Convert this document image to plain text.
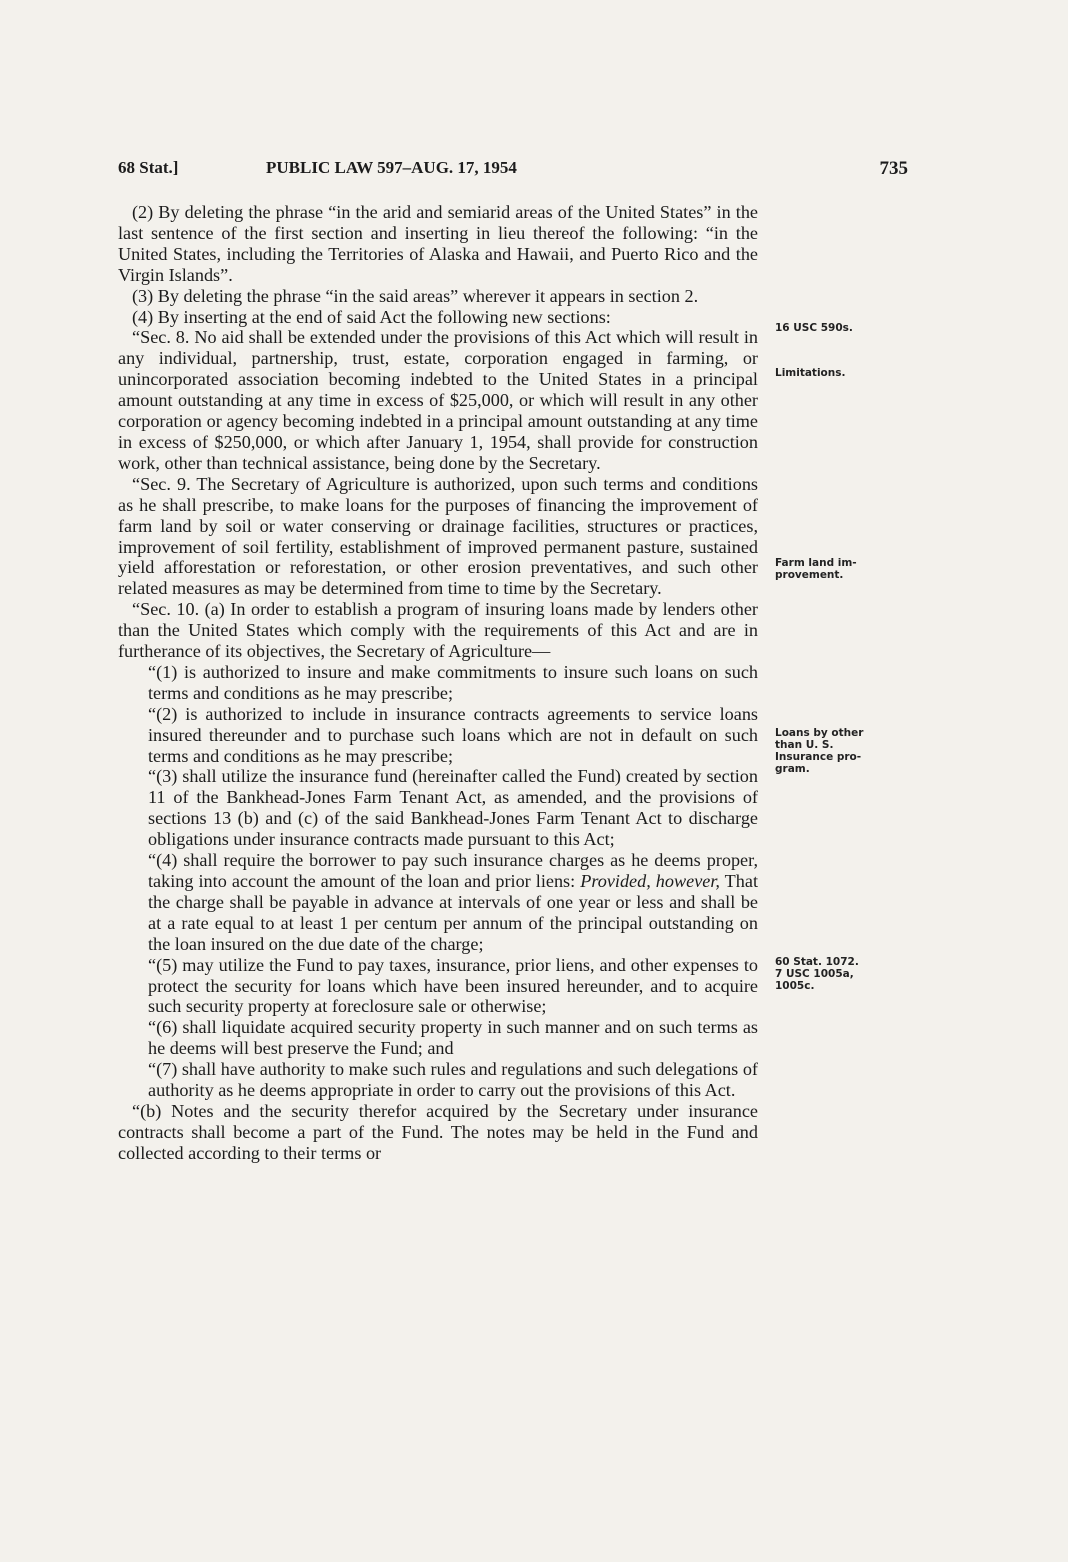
68 Stat.]	PUBLIC LAW 597–AUG. 17, 1954	735

(2) By deleting the phrase “in the arid and semiarid areas of the United States” in the last sentence of the first section and inserting in lieu thereof the following: “in the United States, including the Territories of Alaska and Hawaii, and Puerto Rico and the Virgin Islands”.

(3) By deleting the phrase “in the said areas” wherever it appears in section 2.

(4) By inserting at the end of said Act the following new sections:

“Sec. 8. No aid shall be extended under the provisions of this Act which will result in any individual, partnership, trust, estate, corporation engaged in farming, or unincorporated association becoming indebted to the United States in a principal amount outstanding at any time in excess of $25,000, or which will result in any other corporation or agency becoming indebted in a principal amount outstanding at any time in excess of $250,000, or which after January 1, 1954, shall provide for construction work, other than technical assistance, being done by the Secretary.

“Sec. 9. The Secretary of Agriculture is authorized, upon such terms and conditions as he shall prescribe, to make loans for the purposes of financing the improvement of farm land by soil or water conserving or drainage facilities, structures or practices, improvement of soil fertility, establishment of improved permanent pasture, sustained yield afforestation or reforestation, or other erosion preventatives, and such other related measures as may be determined from time to time by the Secretary.

“Sec. 10. (a) In order to establish a program of insuring loans made by lenders other than the United States which comply with the requirements of this Act and are in furtherance of its objectives, the Secretary of Agriculture—

“(1) is authorized to insure and make commitments to insure such loans on such terms and conditions as he may prescribe;

“(2) is authorized to include in insurance contracts agreements to service loans insured thereunder and to purchase such loans which are not in default on such terms and conditions as he may prescribe;

“(3) shall utilize the insurance fund (hereinafter called the Fund) created by section 11 of the Bankhead-Jones Farm Tenant Act, as amended, and the provisions of sections 13 (b) and (c) of the said Bankhead-Jones Farm Tenant Act to discharge obligations under insurance contracts made pursuant to this Act;

“(4) shall require the borrower to pay such insurance charges as he deems proper, taking into account the amount of the loan and prior liens: Provided, however, That the charge shall be payable in advance at intervals of one year or less and shall be at a rate equal to at least 1 per centum per annum of the principal outstanding on the loan insured on the due date of the charge;

“(5) may utilize the Fund to pay taxes, insurance, prior liens, and other expenses to protect the security for loans which have been insured hereunder, and to acquire such security property at foreclosure sale or otherwise;

“(6) shall liquidate acquired security property in such manner and on such terms as he deems will best preserve the Fund; and

“(7) shall have authority to make such rules and regulations and such delegations of authority as he deems appropriate in order to carry out the provisions of this Act.

“(b) Notes and the security therefor acquired by the Secretary under insurance contracts shall become a part of the Fund. The notes may be held in the Fund and collected according to their terms or

16 USC 590s.
Limitations.
Farm land im-
provement.
Loans by other
than U. S.
Insurance pro-
gram.
60 Stat. 1072.
7 USC 1005a,
1005c.
